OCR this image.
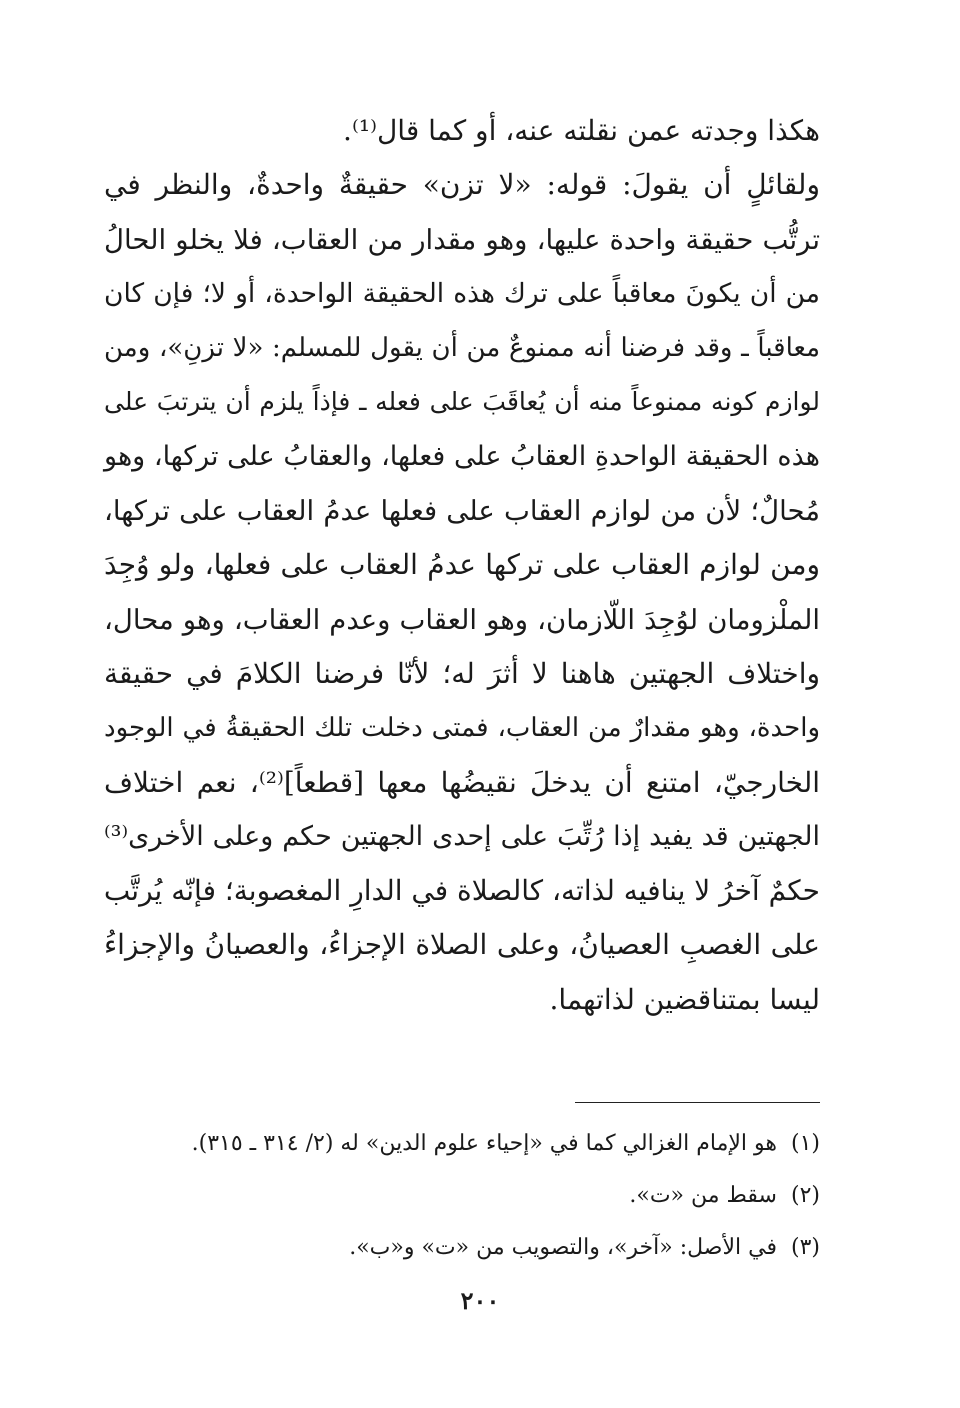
هكذا وجدته عمن نقلته عنه، أو كما قال⁽¹⁾.
ولقائلٍ أن يقولَ: قوله: «لا تزن» حقيقةٌ واحدةٌ، والنظر في
ترتُّب حقيقة واحدة عليها، وهو مقدار من العقاب، فلا يخلو الحالُ
من أن يكونَ معاقباً على ترك هذه الحقيقة الواحدة، أو لا؛ فإن كان
معاقباً ـ وقد فرضنا أنه ممنوعٌ من أن يقول للمسلم: «لا تزنِ»، ومن
لوازم كونه ممنوعاً منه أن يُعاقَبَ على فعله ـ فإذاً يلزم أن يترتبَ على
هذه الحقيقة الواحدةِ العقابُ على فعلها، والعقابُ على تركها، وهو
مُحالٌ؛ لأن من لوازم العقاب على فعلها عدمُ العقاب على تركها،
ومن لوازم العقاب على تركها عدمُ العقاب على فعلها، ولو وُجِدَ
الملْزومان لوُجِدَ اللّازمان، وهو العقاب وعدم العقاب، وهو محال،
واختلاف الجهتين هاهنا لا أثرَ له؛ لأنّا فرضنا الكلامَ في حقيقة
واحدة، وهو مقدارٌ من العقاب، فمتى دخلت تلك الحقيقةُ في الوجود
الخارجيّ، امتنع أن يدخلَ نقيضُها معها [قطعاً]⁽²⁾، نعم اختلاف
الجهتين قد يفيد إذا رُتِّبَ على إحدى الجهتين حكم وعلى الأخرى⁽³⁾
حكمٌ آخرُ لا ينافيه لذاته، كالصلاة في الدارِ المغصوبة؛ فإنّه يُرتَّب
على الغصبِ العصيانُ، وعلى الصلاة الإجزاءُ، والعصيانُ والإجزاءُ
ليسا بمتناقضين لذاتهما.
(١)هو الإمام الغزالي كما في «إحياء علوم الدين» له (٢/ ٣١٤ ـ ٣١٥).
(٢)سقط من «ت».
(٣)في الأصل: «آخر»، والتصويب من «ت» و«ب».
٢٠٠
